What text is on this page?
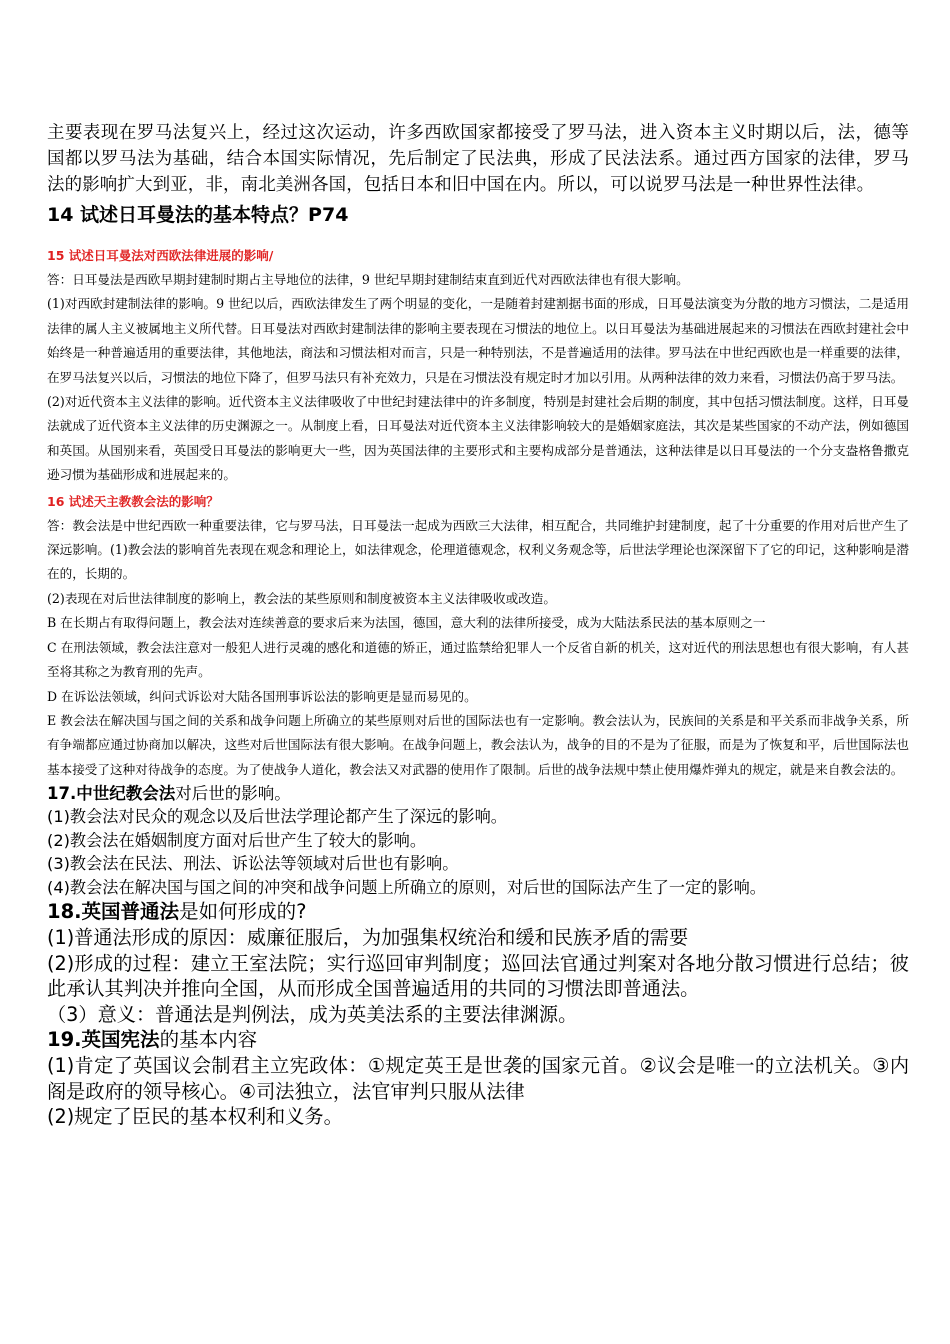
主要表现在罗马法复兴上，经过这次运动，许多西欧国家都接受了罗马法，进入资本主义时期以后，法，德等国都以罗马法为基础，结合本国实际情况，先后制定了民法典，形成了民法法系。通过西方国家的法律，罗马法的影响扩大到亚，非，南北美洲各国，包括日本和旧中国在内。所以，可以说罗马法是一种世界性法律。

14 试述日耳曼法的基本特点？P74
15 试述日耳曼法对西欧法律进展的影响/

答：日耳曼法是西欧早期封建制时期占主导地位的法律，9 世纪早期封建制结束直到近代对西欧法律也有很大影响。

(1)对西欧封建制法律的影响。9 世纪以后，西欧法律发生了两个明显的变化，一是随着封建割据书面的形成，日耳曼法演变为分散的地方习惯法，二是适用法律的属人主义被属地主义所代替。日耳曼法对西欧封建制法律的影响主要表现在习惯法的地位上。以日耳曼法为基础进展起来的习惯法在西欧封建社会中始终是一种普遍适用的重要法律，其他地法，商法和习惯法相对而言，只是一种特别法，不是普遍适用的法律。罗马法在中世纪西欧也是一样重要的法律，在罗马法复兴以后，习惯法的地位下降了，但罗马法只有补充效力，只是在习惯法没有规定时才加以引用。从两种法律的效力来看，习惯法仍高于罗马法。

(2)对近代资本主义法律的影响。近代资本主义法律吸收了中世纪封建法律中的许多制度，特别是封建社会后期的制度，其中包括习惯法制度。这样，日耳曼法就成了近代资本主义法律的历史渊源之一。从制度上看，日耳曼法对近代资本主义法律影响较大的是婚姻家庭法，其次是某些国家的不动产法，例如德国和英国。从国别来看，英国受日耳曼法的影响更大一些，因为英国法律的主要形式和主要构成部分是普通法，这种法律是以日耳曼法的一个分支盎格鲁撒克逊习惯为基础形成和进展起来的。

16 试述天主教教会法的影响？

答：教会法是中世纪西欧一种重要法律，它与罗马法，日耳曼法一起成为西欧三大法律，相互配合，共同维护封建制度，起了十分重要的作用对后世产生了深远影响。(1)教会法的影响首先表现在观念和理论上，如法律观念，伦理道德观念，权利义务观念等，后世法学理论也深深留下了它的印记，这种影响是潜在的，长期的。

(2)表现在对后世法律制度的影响上，教会法的某些原则和制度被资本主义法律吸收或改造。

B 在长期占有取得问题上，教会法对连续善意的要求后来为法国，德国，意大利的法律所接受，成为大陆法系民法的基本原则之一

C 在刑法领域，教会法注意对一般犯人进行灵魂的感化和道德的矫正，通过监禁给犯罪人一个反省自新的机关，这对近代的刑法思想也有很大影响，有人甚至将其称之为教育刑的先声。

D 在诉讼法领域，纠问式诉讼对大陆各国刑事诉讼法的影响更是显而易见的。

E 教会法在解决国与国之间的关系和战争问题上所确立的某些原则对后世的国际法也有一定影响。教会法认为，民族间的关系是和平关系而非战争关系，所有争端都应通过协商加以解决，这些对后世国际法有很大影响。在战争问题上，教会法认为，战争的目的不是为了征服，而是为了恢复和平，后世国际法也基本接受了这种对待战争的态度。为了使战争人道化，教会法又对武器的使用作了限制。后世的战争法规中禁止使用爆炸弹丸的规定，就是来自教会法的。

17.中世纪教会法对后世的影响。

(1)教会法对民众的观念以及后世法学理论都产生了深远的影响。

(2)教会法在婚姻制度方面对后世产生了较大的影响。

(3)教会法在民法、刑法、诉讼法等领域对后世也有影响。

(4)教会法在解决国与国之间的冲突和战争问题上所确立的原则，对后世的国际法产生了一定的影响。

18.英国普通法是如何形成的?

(1)普通法形成的原因：威廉征服后，为加强集权统治和缓和民族矛盾的需要

(2)形成的过程：建立王室法院；实行巡回审判制度；巡回法官通过判案对各地分散习惯进行总结；彼此承认其判决并推向全国，从而形成全国普遍适用的共同的习惯法即普通法。

（3）意义：普通法是判例法，成为英美法系的主要法律渊源。

19.英国宪法的基本内容

(1)肯定了英国议会制君主立宪政体：①规定英王是世袭的国家元首。②议会是唯一的立法机关。③内阁是政府的领导核心。④司法独立，法官审判只服从法律

(2)规定了臣民的基本权利和义务。
